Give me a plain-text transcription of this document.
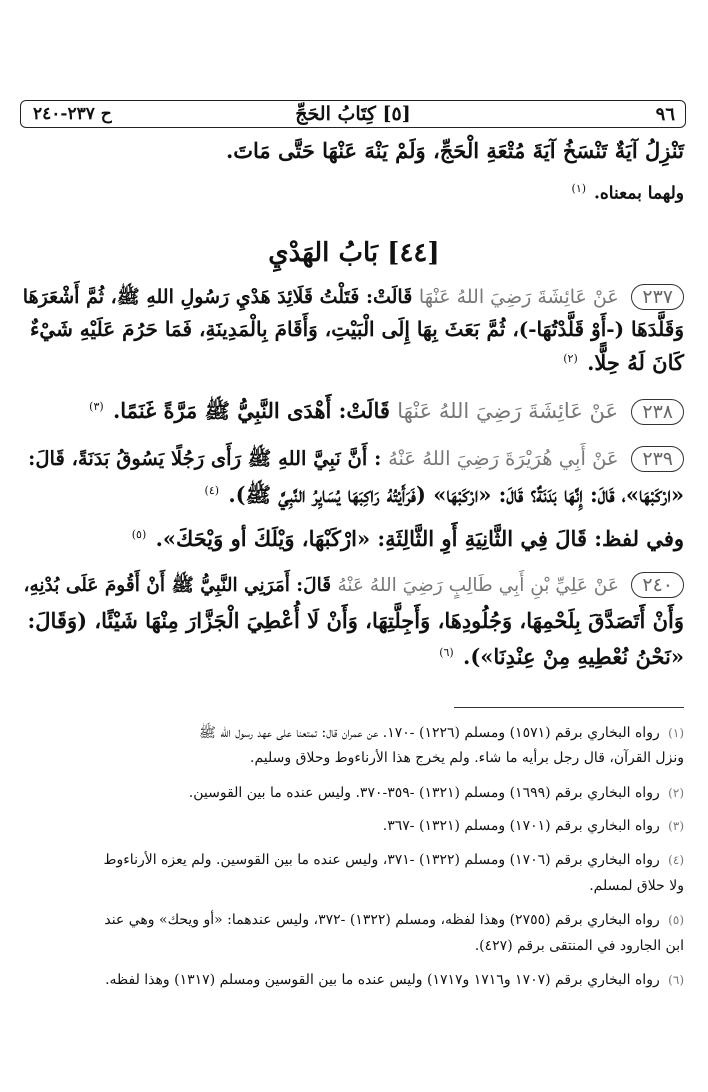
٩٦
[٥] كِتَابُ الحَجِّ
ح ٢٣٧-٢٤٠
تَنْزِلُ آيَةٌ تَنْسَخُ آيَةَ مُتْعَةِ الْحَجِّ، وَلَمْ يَنْهَ عَنْهَا حَتَّى مَاتَ.
ولهما بمعناه. $^{(١)}$
[٤٤] بَابُ الهَدْيِ
٢٣٧ عَنْ عَائِشَةَ رَضِيَ اللهُ عَنْهَا قَالَتْ: فَتَلْتُ قَلَائِدَ هَدْيِ رَسُولِ اللهِ ﷺ، ثُمَّ أَشْعَرَهَا
وَقَلَّدَهَا (-أَوْ قَلَّدْتُهَا-)، ثُمَّ بَعَثَ بِهَا إِلَى الْبَيْتِ، وَأَقَامَ بِالْمَدِينَةِ، فَمَا حَرُمَ عَلَيْهِ شَيْءٌ
كَانَ لَهُ حِلًّا. $^{(٢)}$
٢٣٨ عَنْ عَائِشَةَ رَضِيَ اللهُ عَنْهَا قَالَتْ: أَهْدَى النَّبِيُّ ﷺ مَرَّةً غَنَمًا. $^{(٣)}$
٢٣٩ عَنْ أَبِي هُرَيْرَةَ رَضِيَ اللهُ عَنْهُ : أَنَّ نَبِيَّ اللهِ ﷺ رَأَى رَجُلًا يَسُوقُ بَدَنَةً، قَالَ:
«ارْكَبْهَا»، قَالَ: إِنَّهَا بَدَنَةٌ؟ قَالَ: «ارْكَبْهَا» (فَرَأَيْتُهُ رَاكِبَهَا يُسَايِرُ النَّبِيَّ ﷺ). $^{(٤)}$
وفي لفظ: قَالَ فِي الثَّانِيَةِ أَوِ الثَّالِثَةِ: «ارْكَبْهَا، وَيْلَكَ أو وَيْحَكَ». $^{(٥)}$
٢٤٠ عَنْ عَلِيِّ بْنِ أَبِي طَالِبٍ رَضِيَ اللهُ عَنْهُ قَالَ: أَمَرَنِي النَّبِيُّ ﷺ أَنْ أَقُومَ عَلَى بُدْنِهِ،
وَأَنْ أَتَصَدَّقَ بِلَحْمِهَا، وَجُلُودِهَا، وَأَجِلَّتِهَا، وَأَنْ لَا أُعْطِيَ الْجَزَّارَ مِنْهَا شَيْئًا، (وَقَالَ:
«نَحْنُ نُعْطِيهِ مِنْ عِنْدِنَا»). $^{(٦)}$
(١) رواه البخاري برقم (١٥٧١) ومسلم (١٢٢٦) -١٧٠. عن عمران قال: تمتعنا على عهد رسول الله ﷺ
ونزل القرآن، قال رجل برأيه ما شاء. ولم يخرج هذا الأرناءوط وحلاق وسليم.
(٢) رواه البخاري برقم (١٦٩٩) ومسلم (١٣٢١) -٣٥٩-٣٧٠. وليس عنده ما بين القوسين.
(٣) رواه البخاري برقم (١٧٠١) ومسلم (١٣٢١) -٣٦٧.
(٤) رواه البخاري برقم (١٧٠٦) ومسلم (١٣٢٢) -٣٧١، وليس عنده ما بين القوسين. ولم يعزه الأرناءوط
ولا حلاق لمسلم.
(٥) رواه البخاري برقم (٢٧٥٥) وهذا لفظه، ومسلم (١٣٢٢) -٣٧٢، وليس عندهما: «أو ويحك» وهي عند
ابن الجارود في المنتقى برقم (٤٢٧).
(٦) رواه البخاري برقم (١٧٠٧ و١٧١٦ و١٧١٧) وليس عنده ما بين القوسين ومسلم (١٣١٧) وهذا لفظه.
